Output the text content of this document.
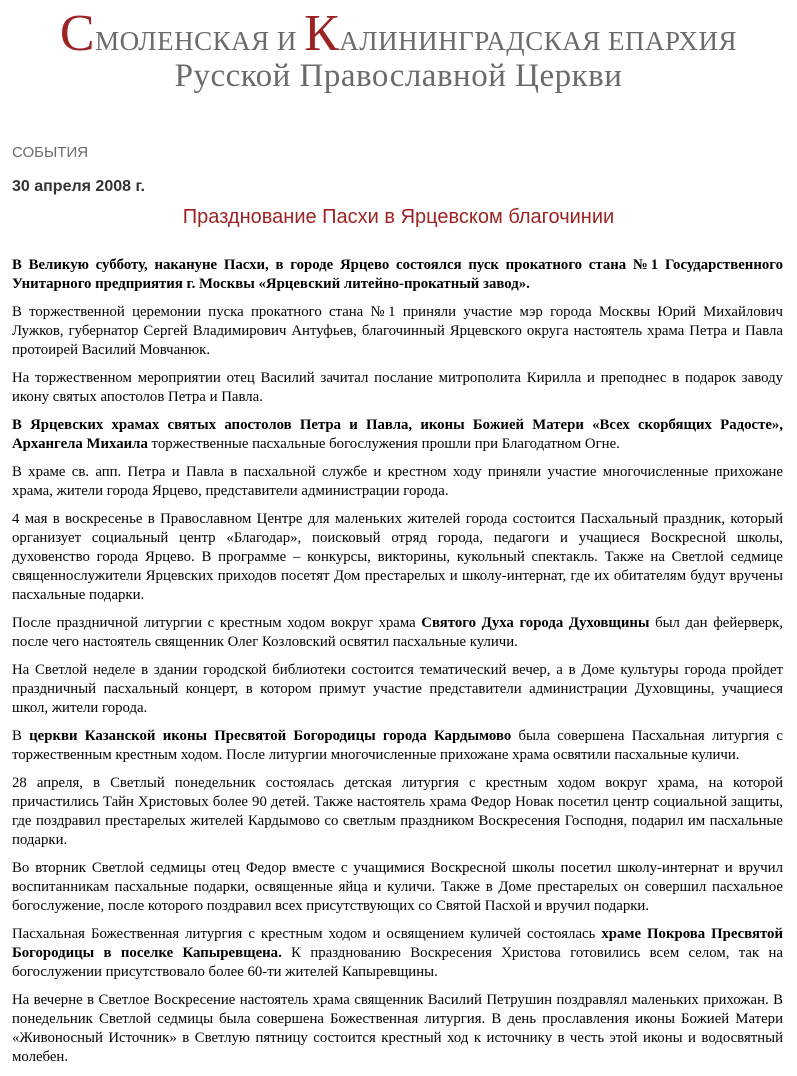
СМОЛЕНСКАЯ И КАЛИНИНГРАДСКАЯ ЕПАРХИЯ
Русской Православной Церкви
СОБЫТИЯ
30 апреля 2008 г.
Празднование Пасхи в Ярцевском благочинии

В Великую субботу, накануне Пасхи, в городе Ярцево состоялся пуск прокатного стана №1 Государственного Унитарного предприятия г. Москвы «Ярцевский литейно-прокатный завод».

В торжественной церемонии пуска прокатного стана №1 приняли участие мэр города Москвы Юрий Михайлович Лужков, губернатор Сергей Владимирович Антуфьев, благочинный Ярцевского округа настоятель храма Петра и Павла протоирей Василий Мовчанюк.

На торжественном мероприятии отец Василий зачитал послание митрополита Кирилла и преподнес в подарок заводу икону святых апостолов Петра и Павла.

В Ярцевских храмах святых апостолов Петра и Павла, иконы Божией Матери «Всех скорбящих Радосте», Архангела Михаила торжественные пасхальные богослужения прошли при Благодатном Огне.

В храме св. апп. Петра и Павла в пасхальной службе и крестном ходу приняли участие многочисленные прихожане храма, жители города Ярцево, представители администрации города.

4 мая в воскресенье в Православном Центре для маленьких жителей города состоится Пасхальный праздник, который организует социальный центр «Благодар», поисковый отряд города, педагоги и учащиеся Воскресной школы, духовенство города Ярцево. В программе – конкурсы, викторины, кукольный спектакль. Также на Светлой седмице священнослужители Ярцевских приходов посетят Дом престарелых и школу-интернат, где их обитателям будут вручены пасхальные подарки.

После праздничной литургии с крестным ходом вокруг храма Святого Духа города Духовщины был дан фейерверк, после чего настоятель священник Олег Козловский освятил пасхальные куличи.

На Светлой неделе в здании городской библиотеки состоится тематический вечер, а в Доме культуры города пройдет праздничный пасхальный концерт, в котором примут участие представители администрации Духовщины, учащиеся школ, жители города.

В церкви Казанской иконы Пресвятой Богородицы города Кардымово была совершена Пасхальная литургия с торжественным крестным ходом. После литургии многочисленные прихожане храма освятили пасхальные куличи.

28 апреля, в Светлый понедельник состоялась детская литургия с крестным ходом вокруг храма, на которой причастились Тайн Христовых более 90 детей. Также настоятель храма Федор Новак посетил центр социальной защиты, где поздравил престарелых жителей Кардымово со светлым праздником Воскресения Господня, подарил им пасхальные подарки.

Во вторник Светлой седмицы отец Федор вместе с учащимися Воскресной школы посетил школу-интернат и вручил воспитанникам пасхальные подарки, освященные яйца и куличи. Также в Доме престарелых он совершил пасхальное богослужение, после которого поздравил всех присутствующих со Святой Пасхой и вручил подарки.

Пасхальная Божественная литургия с крестным ходом и освящением куличей состоялась храме Покрова Пресвятой Богородицы в поселке Капыревщена. К празднованию Воскресения Христова готовились всем селом, так на богослужении присутствовало более 60-ти жителей Капыревщины.

На вечерне в Светлое Воскресение настоятель храма священник Василий Петрушин поздравлял маленьких прихожан. В понедельник Светлой седмицы была совершена Божественная литургия. В день прославления иконы Божией Матери «Живоносный Источник» в Светлую пятницу состоится крестный ход к источнику в честь этой иконы и водосвятный молебен.
